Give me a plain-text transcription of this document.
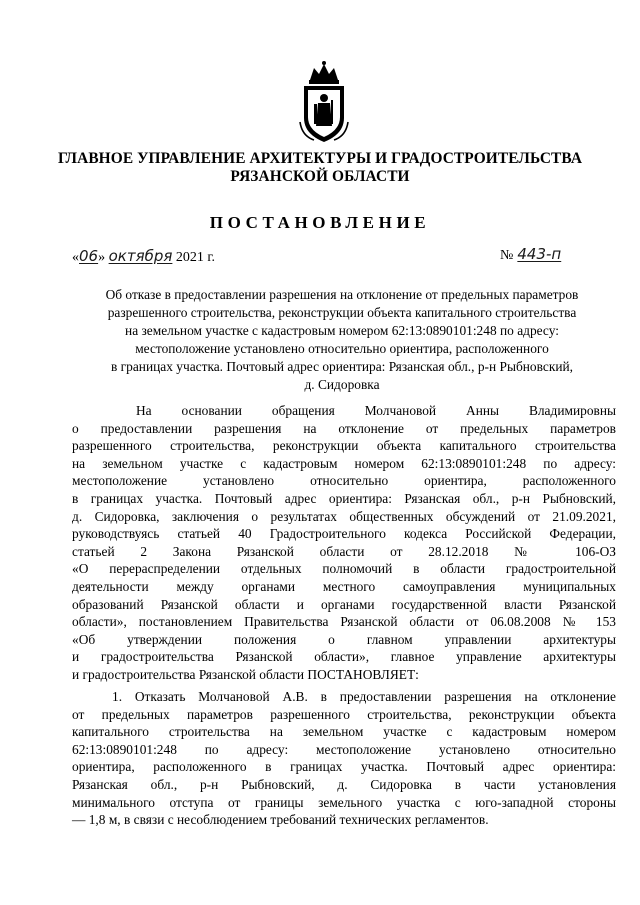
ГЛАВНОЕ УПРАВЛЕНИЕ АРХИТЕКТУРЫ И ГРАДОСТРОИТЕЛЬСТВА
РЯЗАНСКОЙ ОБЛАСТИ
ПОСТАНОВЛЕНИЕ
«06» октября 2021 г.	№ 443-п
Об отказе в предоставлении разрешения на отклонение от предельных параметров
разрешенного строительства, реконструкции объекта капитального строительства
на земельном участке с кадастровым номером 62:13:0890101:248 по адресу:
местоположение установлено относительно ориентира, расположенного
в границах участка. Почтовый адрес ориентира: Рязанская обл., р-н Рыбновский,
д. Сидоровка
На основании обращения Молчановой Анны Владимировны
о предоставлении разрешения на отклонение от предельных параметров
разрешенного строительства, реконструкции объекта капитального строительства
на земельном участке с кадастровым номером 62:13:0890101:248 по адресу:
местоположение установлено относительно ориентира, расположенного
в границах участка. Почтовый адрес ориентира: Рязанская обл., р-н Рыбновский,
д. Сидоровка, заключения о результатах общественных обсуждений от 21.09.2021,
руководствуясь статьей 40 Градостроительного кодекса Российской Федерации,
статьей 2 Закона Рязанской области от 28.12.2018 № 106-ОЗ
«О перераспределении отдельных полномочий в области градостроительной
деятельности между органами местного самоуправления муниципальных
образований Рязанской области и органами государственной власти Рязанской
области», постановлением Правительства Рязанской области от 06.08.2008 № 153
«Об утверждении положения о главном управлении архитектуры
и градостроительства Рязанской области», главное управление архитектуры
и градостроительства Рязанской области ПОСТАНОВЛЯЕТ:
1. Отказать Молчановой А.В. в предоставлении разрешения на отклонение
от предельных параметров разрешенного строительства, реконструкции объекта
капитального строительства на земельном участке с кадастровым номером
62:13:0890101:248 по адресу: местоположение установлено относительно
ориентира, расположенного в границах участка. Почтовый адрес ориентира:
Рязанская обл., р-н Рыбновский, д. Сидоровка в части установления
минимального отступа от границы земельного участка с юго-западной стороны
— 1,8 м, в связи с несоблюдением требований технических регламентов.
